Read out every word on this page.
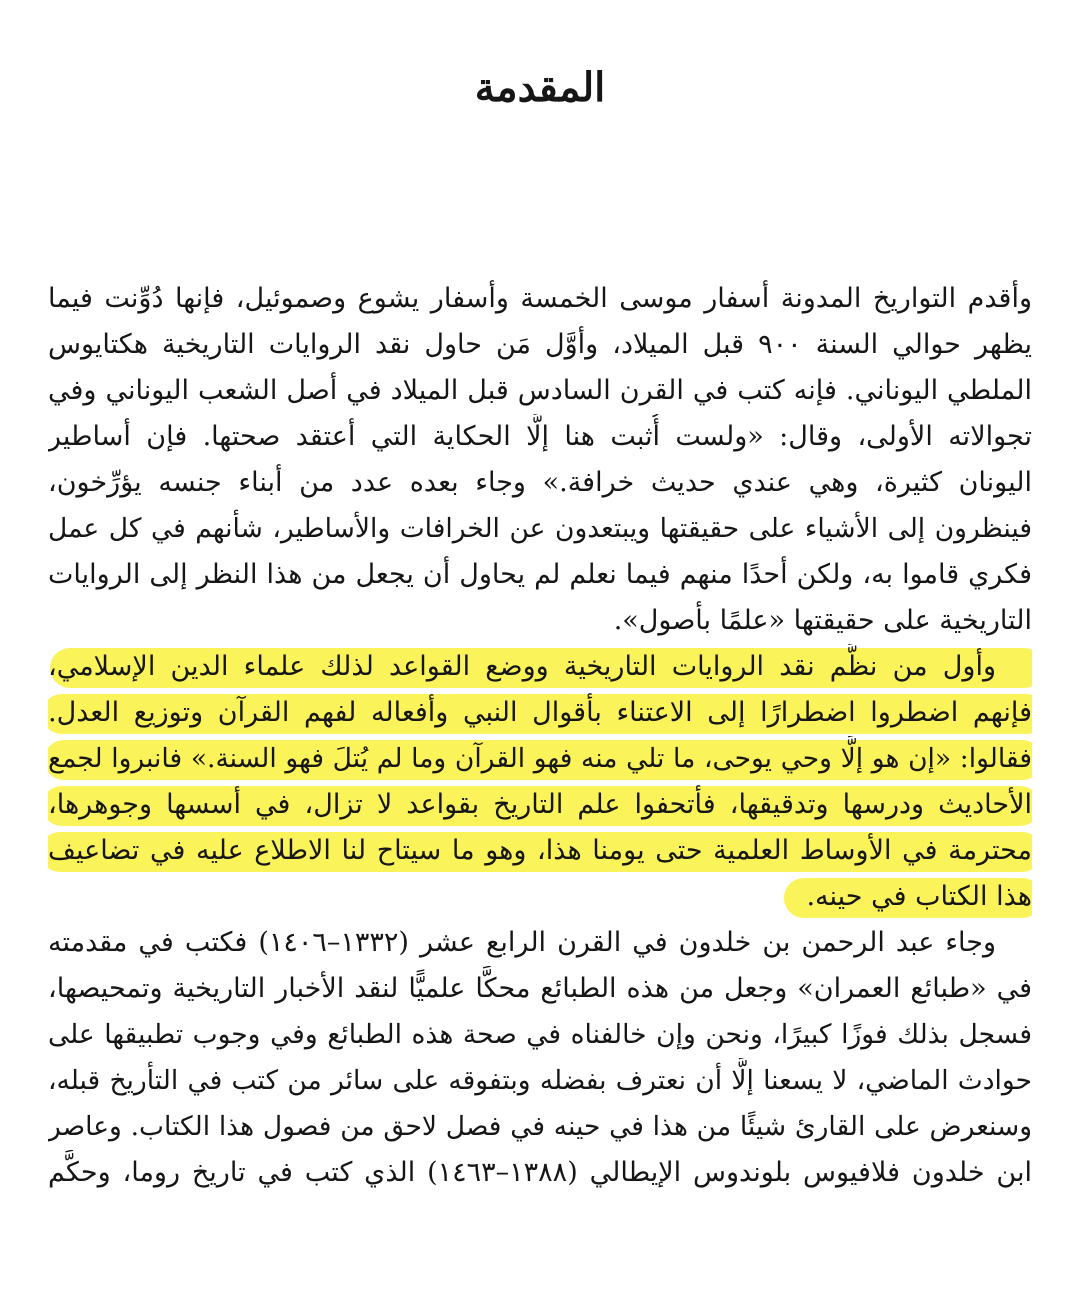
المقدمة
وأقدم التواريخ المدونة أسفار موسى الخمسة وأسفار يشوع وصموئيل، فإنها دُوِّنت فيما
يظهر حوالي السنة ٩٠٠ قبل الميلاد، وأوَّل مَن حاول نقد الروايات التاريخية هكتايوس
الملطي اليوناني. فإنه كتب في القرن السادس قبل الميلاد في أصل الشعب اليوناني وفي
تجوالاته الأولى، وقال: «ولست أُثبت هنا إلَّا الحكاية التي أعتقد صحتها. فإن أساطير
اليونان كثيرة، وهي عندي حديث خرافة.» وجاء بعده عدد من أبناء جنسه يؤرِّخون،
فينظرون إلى الأشياء على حقيقتها ويبتعدون عن الخرافات والأساطير، شأنهم في كل عمل
فكري قاموا به، ولكن أحدًا منهم فيما نعلم لم يحاول أن يجعل من هذا النظر إلى الروايات
التاريخية على حقيقتها «علمًا بأصول».
وأول من نظَّم نقد الروايات التاريخية ووضع القواعد لذلك علماء الدين الإسلامي،
فإنهم اضطروا اضطرارًا إلى الاعتناء بأقوال النبي وأفعاله لفهم القرآن وتوزيع العدل.
فقالوا: «إن هو إلَّا وحي يوحى، ما تلي منه فهو القرآن وما لم يُتلَ فهو السنة.» فانبروا لجمع
الأحاديث ودرسها وتدقيقها، فأتحفوا علم التاريخ بقواعد لا تزال، في أسسها وجوهرها،
محترمة في الأوساط العلمية حتى يومنا هذا، وهو ما سيتاح لنا الاطلاع عليه في تضاعيف
هذا الكتاب في حينه.
وجاء عبد الرحمن بن خلدون في القرن الرابع عشر (١٣٣٢–١٤٠٦) فكتب في مقدمته
في «طبائع العمران» وجعل من هذه الطبائع محكًّا علميًّا لنقد الأخبار التاريخية وتمحيصها،
فسجل بذلك فوزًا كبيرًا، ونحن وإن خالفناه في صحة هذه الطبائع وفي وجوب تطبيقها على
حوادث الماضي، لا يسعنا إلَّا أن نعترف بفضله وبتفوقه على سائر من كتب في التأريخ قبله،
وسنعرض على القارئ شيئًا من هذا في حينه في فصل لاحق من فصول هذا الكتاب. وعاصر
ابن خلدون فلافيوس بلوندوس الإيطالي (١٣٨٨–١٤٦٣) الذي كتب في تاريخ روما، وحكَّم
